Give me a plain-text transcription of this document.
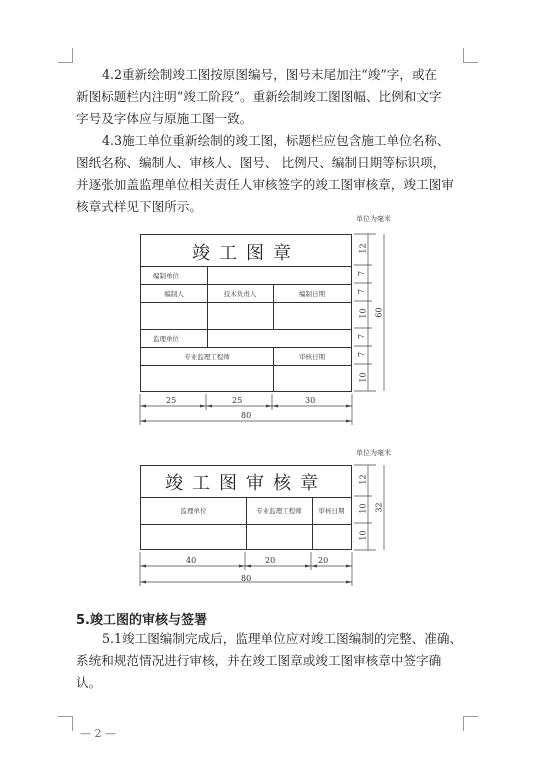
4.2重新绘制竣工图按原图编号，图号末尾加注“竣”字，或在
新图标题栏内注明“竣工阶段”。重新绘制竣工图图幅、比例和文字
字号及字体应与原施工图一致。

4.3施工单位重新绘制的竣工图，标题栏应包含施工单位名称、
图纸名称、编制人、审核人、图号、 比例尺、编制日期等标识项，
并逐张加盖监理单位相关责任人审核签字的竣工图审核章，竣工图审
核章式样见下图所示。

单位为毫米
竣工图章
编制单位
编制人	技术负责人	编制日期
监理单位
专业监理工程师	审核日期
25	25	30
80
12
7
7
10
7
7
10
60
单位为毫米
竣工图审核章
监理单位	专业监理工程师	审核日期
40	20	20
80
12
10
10
32
5.竣工图的审核与签署

5.1竣工图编制完成后，监理单位应对竣工图编制的完整、准确、
系统和规范情况进行审核，并在竣工图章或竣工图审核章中签字确
认。

— 2 —
